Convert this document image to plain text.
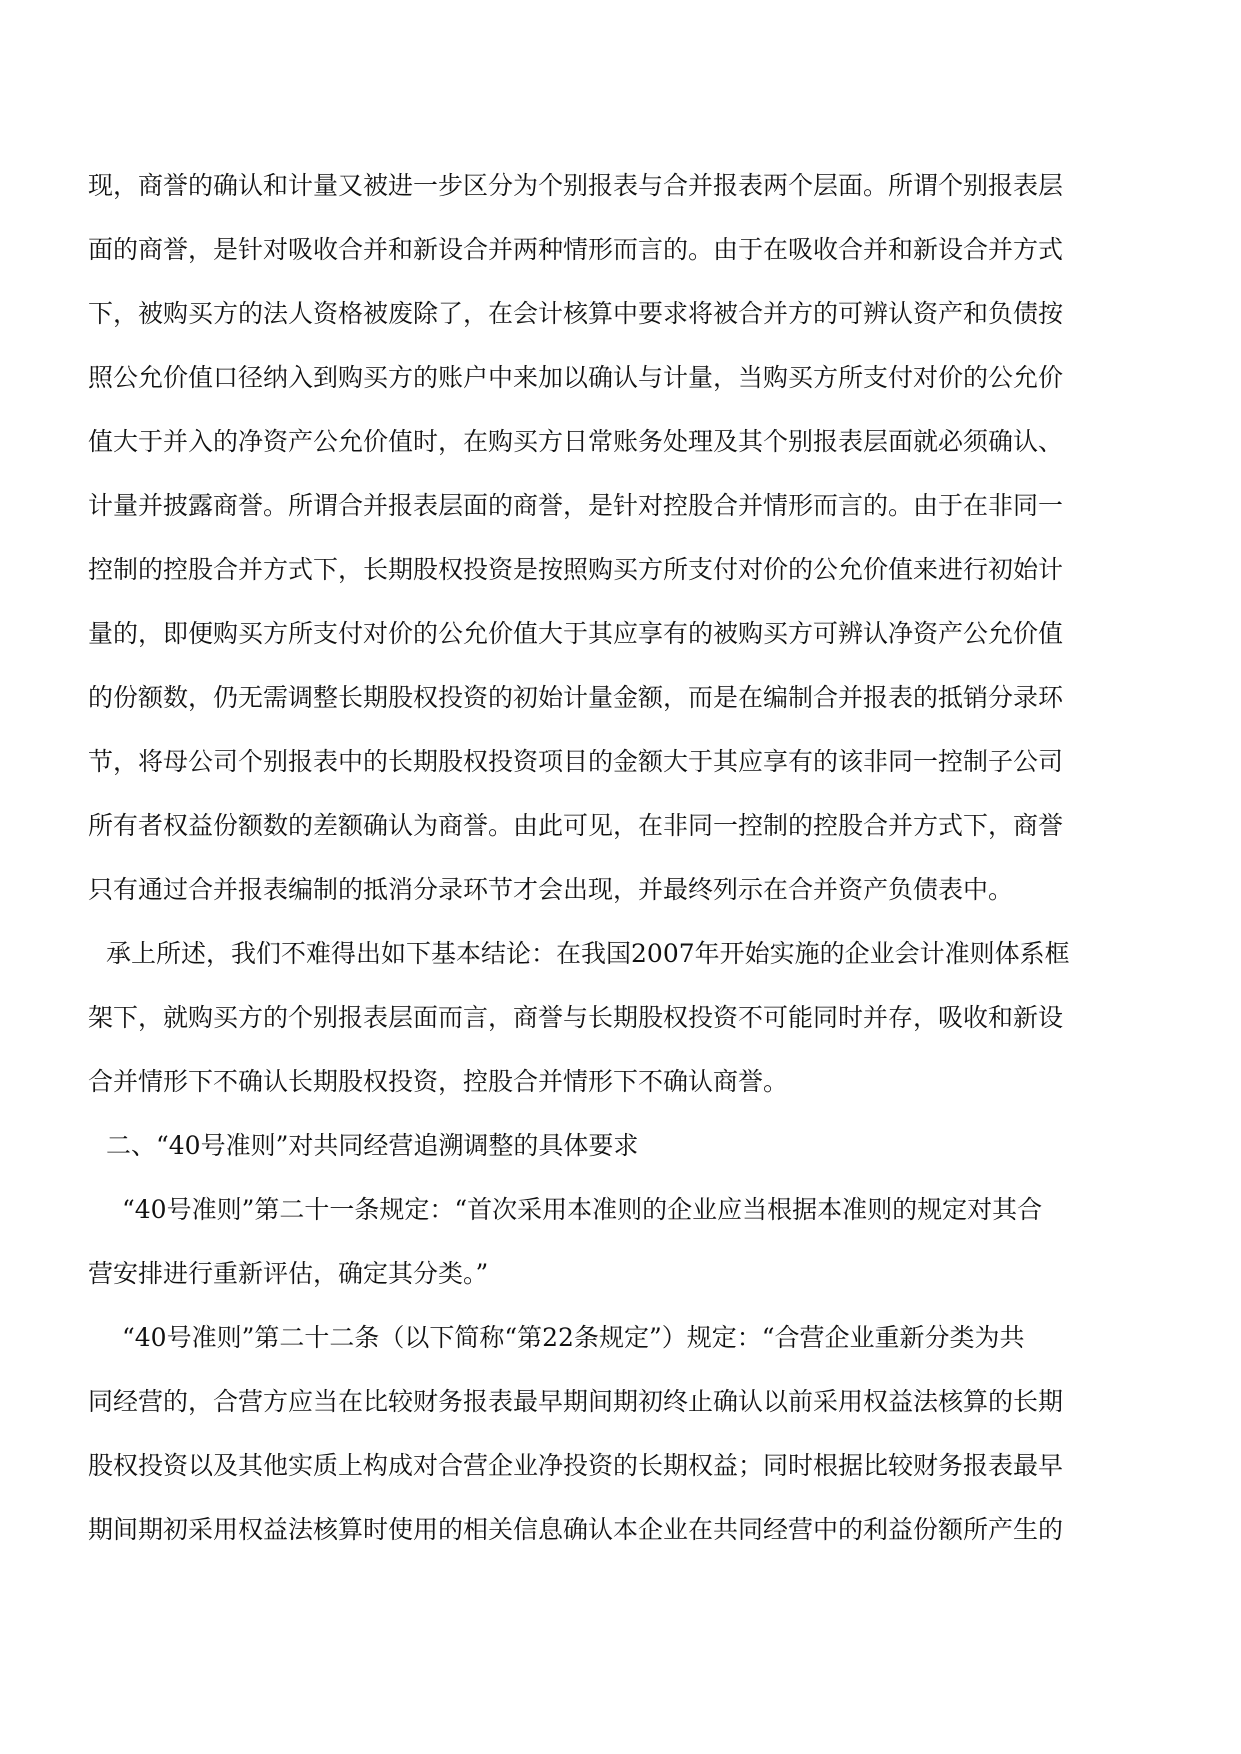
现，商誉的确认和计量又被进一步区分为个别报表与合并报表两个层面。所谓个别报表层
面的商誉，是针对吸收合并和新设合并两种情形而言的。由于在吸收合并和新设合并方式
下，被购买方的法人资格被废除了，在会计核算中要求将被合并方的可辨认资产和负债按
照公允价值口径纳入到购买方的账户中来加以确认与计量，当购买方所支付对价的公允价
值大于并入的净资产公允价值时，在购买方日常账务处理及其个别报表层面就必须确认、
计量并披露商誉。所谓合并报表层面的商誉，是针对控股合并情形而言的。由于在非同一
控制的控股合并方式下，长期股权投资是按照购买方所支付对价的公允价值来进行初始计
量的，即便购买方所支付对价的公允价值大于其应享有的被购买方可辨认净资产公允价值
的份额数，仍无需调整长期股权投资的初始计量金额，而是在编制合并报表的抵销分录环
节，将母公司个别报表中的长期股权投资项目的金额大于其应享有的该非同一控制子公司
所有者权益份额数的差额确认为商誉。由此可见，在非同一控制的控股合并方式下，商誉
只有通过合并报表编制的抵消分录环节才会出现，并最终列示在合并资产负债表中。
承上所述，我们不难得出如下基本结论：在我国2007年开始实施的企业会计准则体系框
架下，就购买方的个别报表层面而言，商誉与长期股权投资不可能同时并存，吸收和新设
合并情形下不确认长期股权投资，控股合并情形下不确认商誉。
二、“40号准则”对共同经营追溯调整的具体要求
“40号准则”第二十一条规定：“首次采用本准则的企业应当根据本准则的规定对其合
营安排进行重新评估，确定其分类。”
“40号准则”第二十二条（以下简称“第22条规定”）规定：“合营企业重新分类为共
同经营的，合营方应当在比较财务报表最早期间期初终止确认以前采用权益法核算的长期
股权投资以及其他实质上构成对合营企业净投资的长期权益；同时根据比较财务报表最早
期间期初采用权益法核算时使用的相关信息确认本企业在共同经营中的利益份额所产生的
